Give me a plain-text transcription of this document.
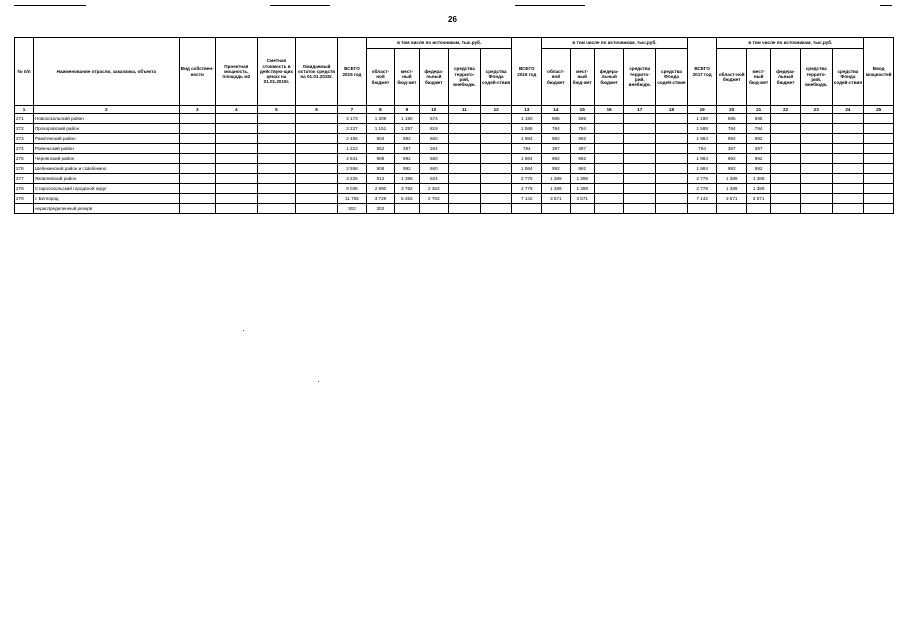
26
№ п/п	Наименование отрасли, заказчика, объекта	Вид собствен-ности	Проектная мощность, площадь м2	Сметная стоимость в действую-щих ценах на 01.01.2015г.	Ожидаемый остаток средств на 01.01.2015г.	ВСЕГО 2015 год	в том числе по источникам, тыс.руб.					ВСЕГО 2016 год	в том числе по источникам, тыс.руб.					ВСЕГО 2017 год	в том числе по источникам, тыс.руб.					Ввод мощностей
							област-ной бюджет	мест-ный бюд-жет	федера-льный бюджет	средства террито-рий, внебюдж.	средства Фонда содей-ствия		област-ной бюджет	мест-ный бюд-жет	федера-льный бюджет	средства террито-рий, внебюдж.	средства Фонда содей-ствия		област-ной бюджет	мест-ный бюд-жет	федера-льный бюджет	средства террито-рий, внебюдж.	средства Фонда содей-ствия	
1	2	3	4	5	6	7	8	9	10	11	12	13	14	15	16	17	18	19	20	21	22	23	24	25
271	Новооскольский район					3 173	1 309	1 190	674			1 190	595	595				1 190	595	595				
272	Прохоровский район					3 227	1 151	1 257	819			1 588	794	794				1 588	794	794				
273	Ракитянский район					2 456	904	992	660			1 984	992	992				1 984	992	992				
274	Ровеньский район					1 223	562	397	264			794	397	397				794	397	397				
275	Чернянский район					2 641	989	992	660			1 984	992	992				1 984	992	992				
276	Шебекинский район и г.Шебекино					2 558	906	992	660			1 984	992	992				1 984	992	992				
277	Яковлевский район					3 225	912	1 389	924			2 778	1 389	1 389				2 778	1 389	1 389				
278	Старооскольский городской округ					9 035	2 890	3 782	2 363			2 778	1 389	1 389				2 778	1 389	1 389				
279	г. Белгород					11 755	3 729	5 263	2 763			7 142	3 571	3 571				7 142	3 571	3 571				
	нераспределенный резерв					302	302																	
